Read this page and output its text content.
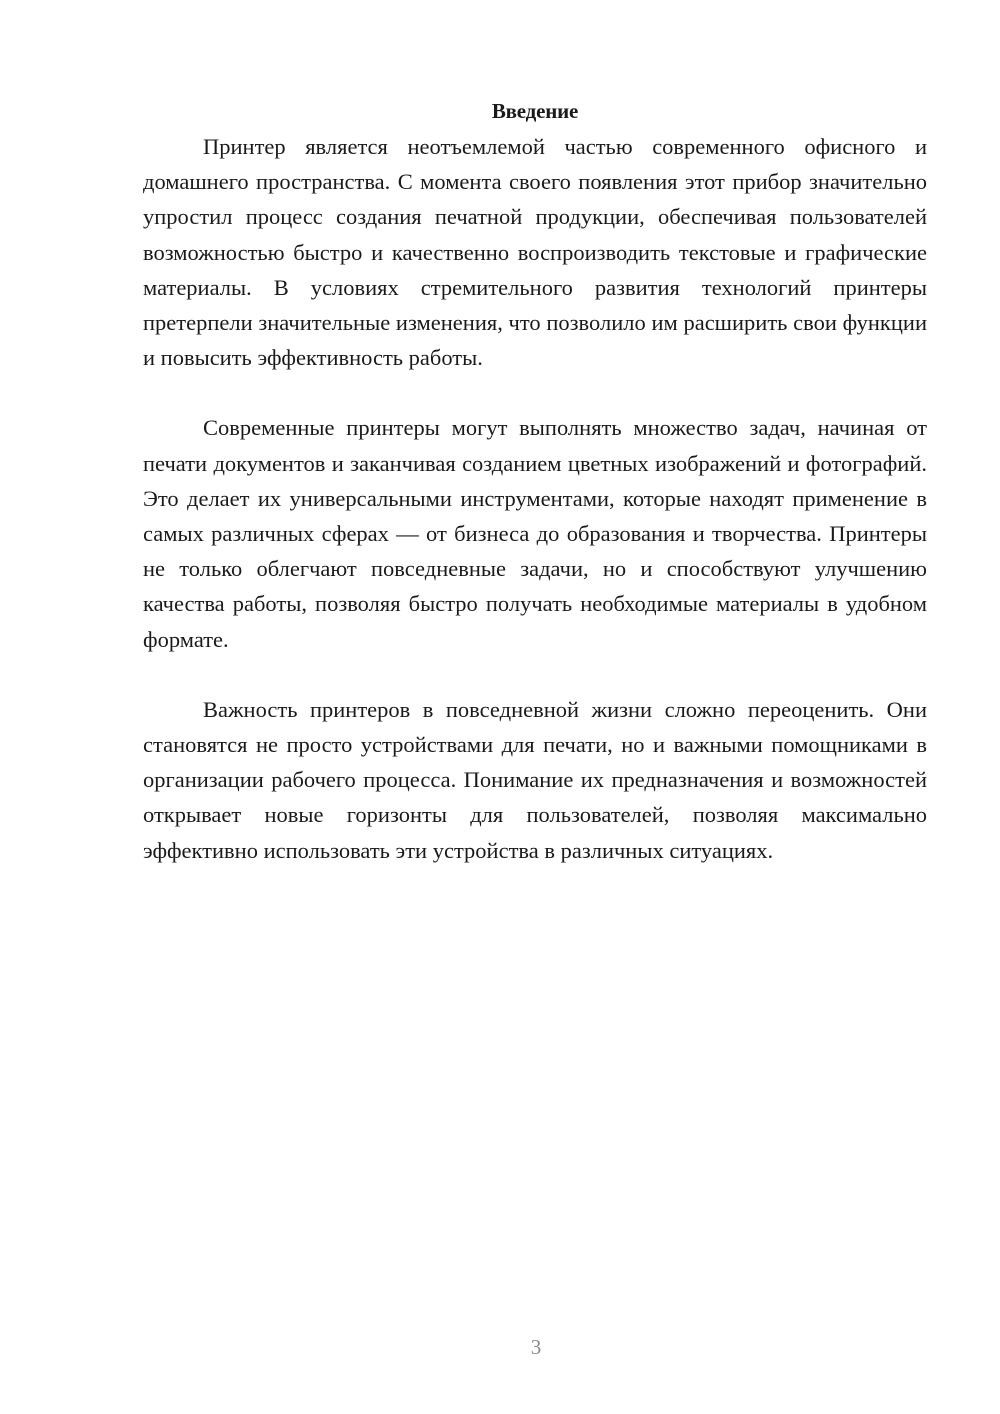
Введение

Принтер является неотъемлемой частью современного офисного и домашнего пространства. С момента своего появления этот прибор значительно упростил процесс создания печатной продукции, обеспечивая пользователей возможностью быстро и качественно воспроизводить текстовые и графические материалы. В условиях стремительного развития технологий принтеры претерпели значительные изменения, что позволило им расширить свои функции и повысить эффективность работы.

Современные принтеры могут выполнять множество задач, начиная от печати документов и заканчивая созданием цветных изображений и фотографий. Это делает их универсальными инструментами, которые находят применение в самых различных сферах — от бизнеса до образования и творчества. Принтеры не только облегчают повседневные задачи, но и способствуют улучшению качества работы, позволяя быстро получать необходимые материалы в удобном формате.

Важность принтеров в повседневной жизни сложно переоценить. Они становятся не просто устройствами для печати, но и важными помощниками в организации рабочего процесса. Понимание их предназначения и возможностей открывает новые горизонты для пользователей, позволяя максимально эффективно использовать эти устройства в различных ситуациях.

3
